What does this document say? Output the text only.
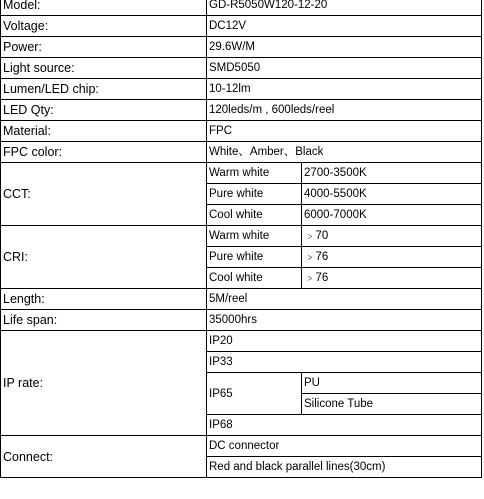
Model:	GD-R5050W120-12-20	
Voltage:	DC12V	
Power:	29.6W/M	
Light source:	SMD5050	
Lumen/LED chip:	10-12lm	
LED Qty:	120leds/m , 600leds/reel	
Material:	FPC	
FPC color:	White、Amber、Black	
CCT:	Warm white	2700-3500K
	Pure white	4000-5500K
	Cool white	6000-7000K
CRI:	Warm white	﹥70
	Pure white	﹥76
	Cool white	﹥76
Length:	5M/reel	
Life span:	35000hrs	
IP rate:	IP20	
	IP33	
	IP65	PU
		Silicone Tube
	IP68	
Connect:	DC connector	
	Red and black parallel lines(30cm)	
